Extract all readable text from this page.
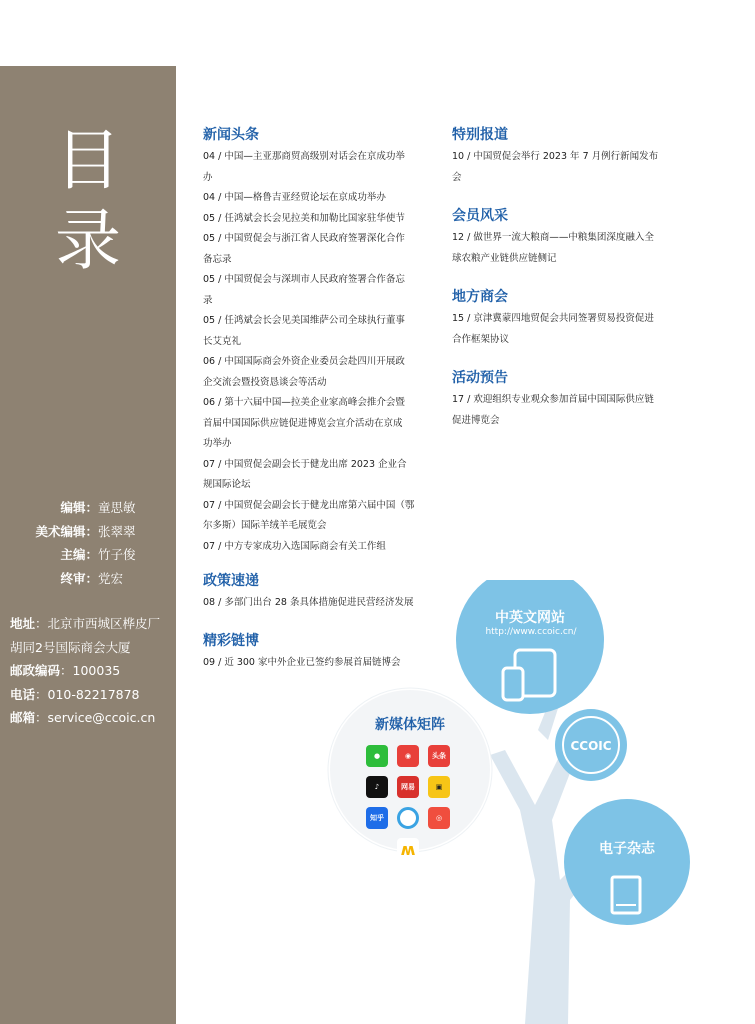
目
录
编辑：童思敏
美术编辑：张翠翠
主编：竹子俊
终审：党宏
地址：北京市西城区桦皮厂
胡同2号国际商会大厦
邮政编码：100035
电话：010-82217878
邮箱：service@ccoic.cn
新闻头条
04 / 中国—主亚那商贸高级别对话会在京成功举
办
04 / 中国—格鲁吉亚经贸论坛在京成功举办
05 / 任鸿斌会长会见拉美和加勒比国家驻华使节
05 / 中国贸促会与浙江省人民政府签署深化合作
备忘录
05 / 中国贸促会与深圳市人民政府签署合作备忘
录
05 / 任鸿斌会长会见美国维萨公司全球执行董事
长艾克礼
06 / 中国国际商会外资企业委员会赴四川开展政
企交流会暨投资恳谈会等活动
06 / 第十六届中国—拉美企业家高峰会推介会暨
首届中国国际供应链促进博览会宣介活动在京成
功举办
07 / 中国贸促会副会长于健龙出席 2023 企业合
规国际论坛
07 / 中国贸促会副会长于健龙出席第六届中国（鄂
尔多斯）国际羊绒羊毛展览会
07 / 中方专家成功入选国际商会有关工作组
政策速递
08 / 多部门出台 28 条具体措施促进民营经济发展
精彩链博
09 / 近 300 家中外企业已签约参展首届链博会
特别报道
10 / 中国贸促会举行 2023 年 7 月例行新闻发布
会
会员风采
12 / 做世界一流大粮商——中粮集团深度融入全
球农粮产业链供应链侧记
地方商会
15 / 京津冀蒙四地贸促会共同签署贸易投资促进
合作框架协议
活动预告
17 / 欢迎组织专业观众参加首届中国国际供应链
促进博览会
中英文网站
http://www.ccoic.cn/
新媒体矩阵
CCOIC
电子杂志
●	◉	头条
♪	网易	▣
知乎	◎
ʍ
